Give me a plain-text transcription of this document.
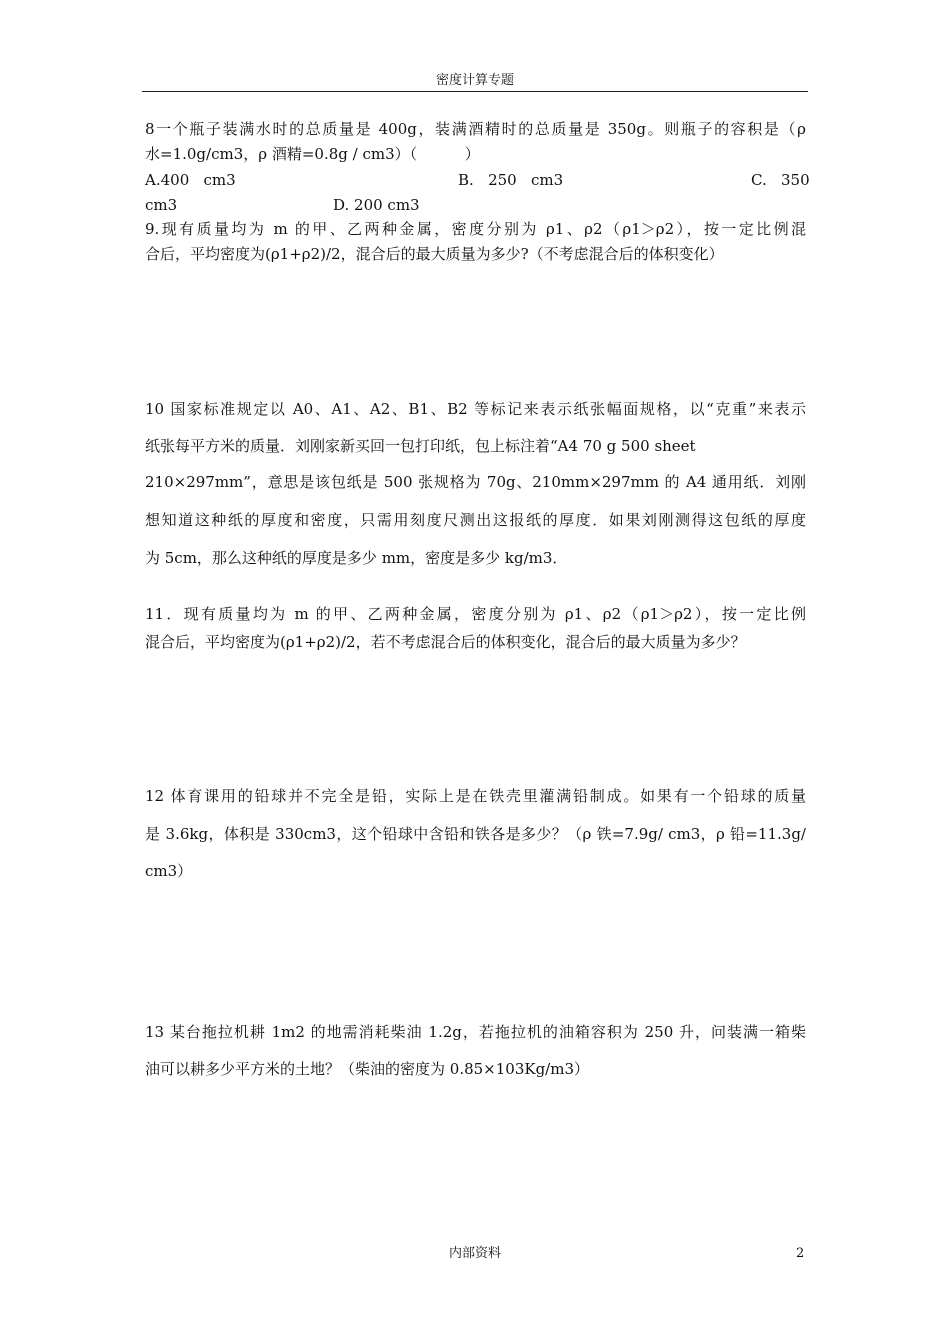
密度计算专题
8一个瓶子装满水时的总质量是 400g，装满酒精时的总质量是 350g。则瓶子的容积是（ρ
水=1.0g/cm3，ρ 酒精=0.8g / cm3）（          ）
A.400   cm3	B.   250   cm3	C.   350
cm3	D. 200 cm3
9.现有质量均为 m 的甲、乙两种金属，密度分别为 ρ1、ρ2（ρ1＞ρ2），按一定比例混
合后，平均密度为(ρ1+ρ2)/2，混合后的最大质量为多少?（不考虑混合后的体积变化）
10 国家标准规定以 A0、A1、A2、B1、B2 等标记来表示纸张幅面规格，以“克重”来表示
纸张每平方米的质量．刘刚家新买回一包打印纸，包上标注着“A4 70 g 500 sheet
210×297mm”，意思是该包纸是 500 张规格为 70g、210mm×297mm 的 A4 通用纸．刘刚
想知道这种纸的厚度和密度，只需用刻度尺测出这报纸的厚度．如果刘刚测得这包纸的厚度
为 5cm，那么这种纸的厚度是多少 mm，密度是多少 kg/m3．
11．现有质量均为 m 的甲、乙两种金属，密度分别为 ρ1、ρ2（ρ1＞ρ2），按一定比例
混合后，平均密度为(ρ1+ρ2)/2，若不考虑混合后的体积变化，混合后的最大质量为多少？
12 体育课用的铅球并不完全是铅，实际上是在铁壳里灌满铅制成。如果有一个铅球的质量
是 3.6kg，体积是 330cm3，这个铅球中含铅和铁各是多少？（ρ 铁=7.9g/ cm3，ρ 铅=11.3g/
cm3）
13 某台拖拉机耕 1m2 的地需消耗柴油 1.2g，若拖拉机的油箱容积为 250 升，问装满一箱柴
油可以耕多少平方米的土地？（柴油的密度为 0.85×103Kg/m3）
内部资料	2
